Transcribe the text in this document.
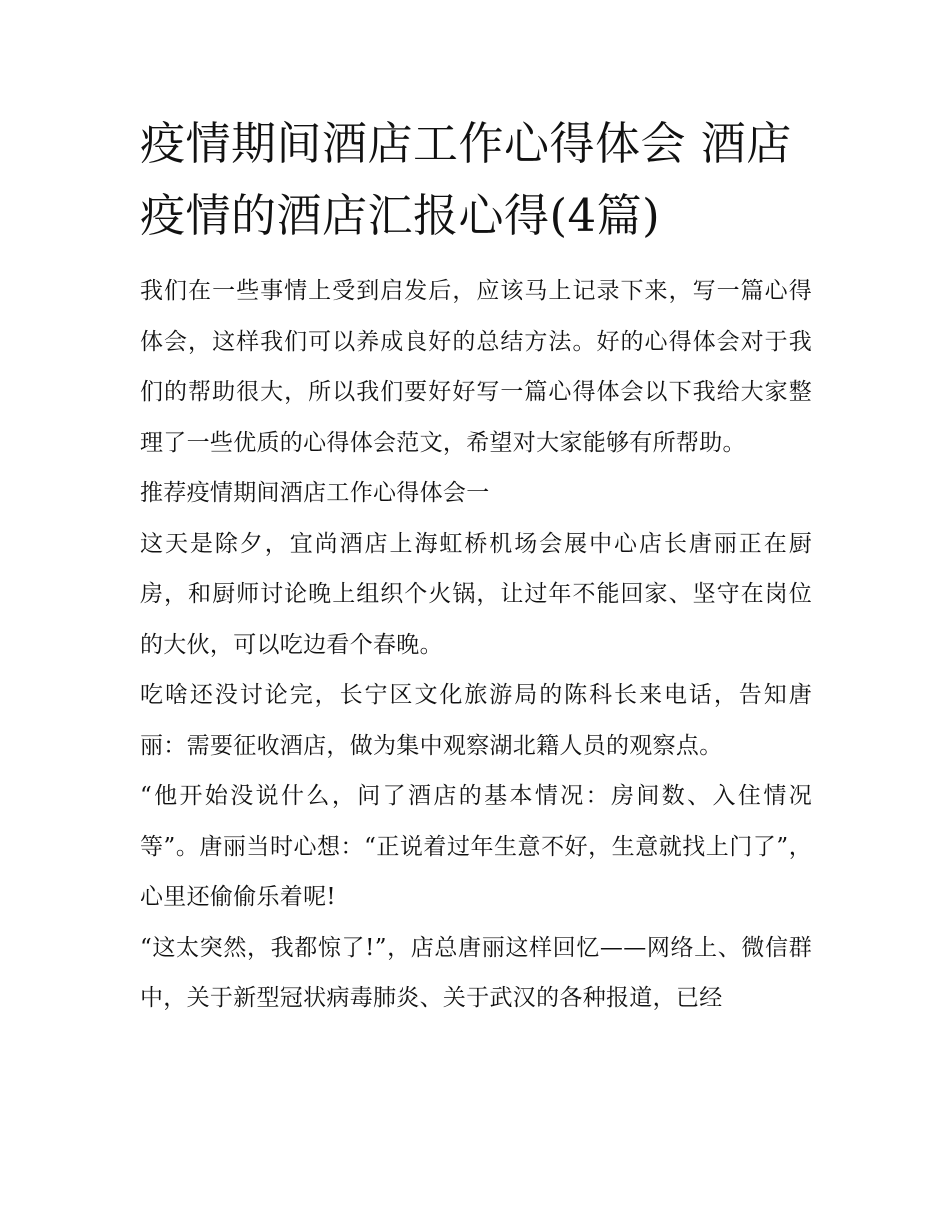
疫情期间酒店工作心得体会 酒店疫情的酒店汇报心得(4篇)

我们在一些事情上受到启发后，应该马上记录下来，写一篇心得体会，这样我们可以养成良好的总结方法。好的心得体会对于我们的帮助很大，所以我们要好好写一篇心得体会以下我给大家整理了一些优质的心得体会范文，希望对大家能够有所帮助。

推荐疫情期间酒店工作心得体会一

这天是除夕，宜尚酒店上海虹桥机场会展中心店长唐丽正在厨房，和厨师讨论晚上组织个火锅，让过年不能回家、坚守在岗位的大伙，可以吃边看个春晚。

吃啥还没讨论完，长宁区文化旅游局的陈科长来电话，告知唐丽：需要征收酒店，做为集中观察湖北籍人员的观察点。

“他开始没说什么，问了酒店的基本情况：房间数、入住情况等”。唐丽当时心想：“正说着过年生意不好，生意就找上门了”，心里还偷偷乐着呢!

“这太突然，我都惊了!”，店总唐丽这样回忆——网络上、微信群中，关于新型冠状病毒肺炎、关于武汉的各种报道，已经
